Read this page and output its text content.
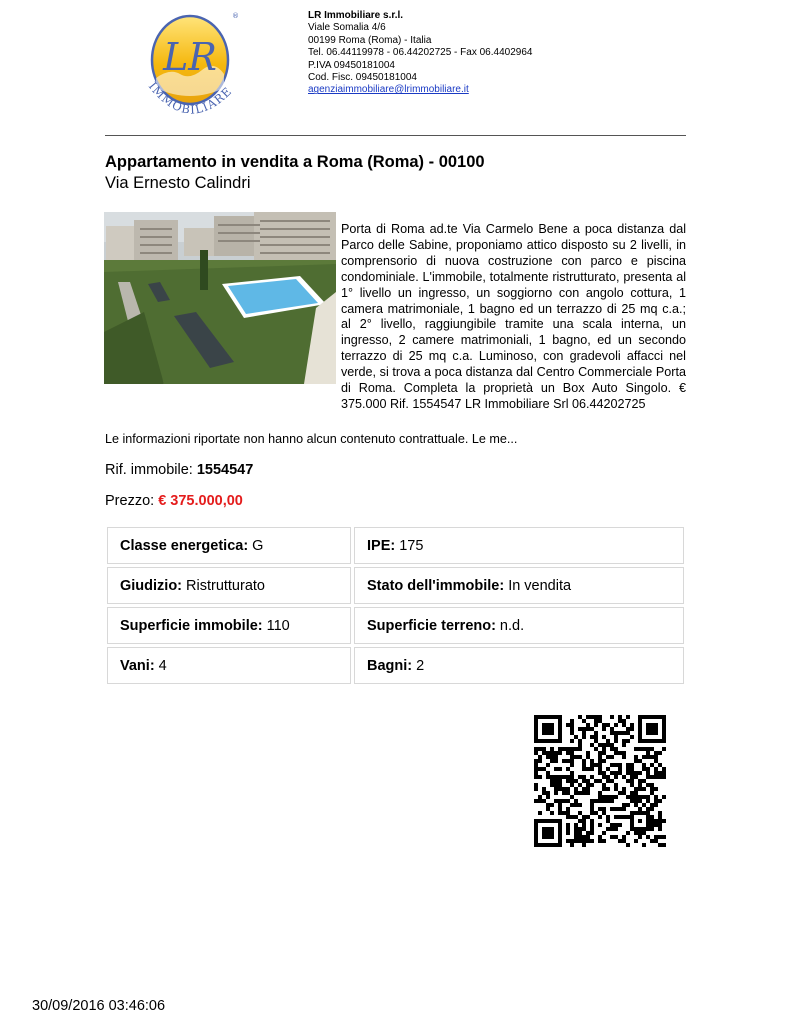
LR
®
IMMOBILIARE
LR Immobiliare s.r.l.
Viale Somalia 4/6
00199 Roma (Roma) - Italia
Tel. 06.44119978 - 06.44202725 - Fax 06.4402964
P.IVA 09450181004
Cod. Fisc. 09450181004
agenziaimmobiliare@lrimmobiliare.it
Appartamento in vendita a Roma (Roma) - 00100
Via Ernesto Calindri

Porta di Roma ad.te Via Carmelo Bene a poca distanza dal Parco delle Sabine, proponiamo attico disposto su 2 livelli, in comprensorio di nuova costruzione con parco e piscina condominiale. L'immobile, totalmente ristrutturato, presenta al 1° livello un ingresso, un soggiorno con angolo cottura, 1 camera matrimoniale, 1 bagno ed un terrazzo di 25 mq c.a.; al 2° livello, raggiungibile tramite una scala interna, un ingresso, 2 camere matrimoniali, 1 bagno, ed un secondo terrazzo di 25 mq c.a. Luminoso, con gradevoli affacci nel verde, si trova a poca distanza dal Centro Commerciale Porta di Roma. Completa la proprietà un Box Auto Singolo. € 375.000 Rif. 1554547 LR Immobiliare Srl 06.44202725

Le informazioni riportate non hanno alcun contenuto contrattuale. Le me...
Rif. immobile: 1554547
Prezzo: € 375.000,00
Classe energetica: G	IPE: 175
Giudizio: Ristrutturato	Stato dell'immobile: In vendita
Superficie immobile: 110	Superficie terreno: n.d.
Vani: 4	Bagni: 2
30/09/2016 03:46:06
